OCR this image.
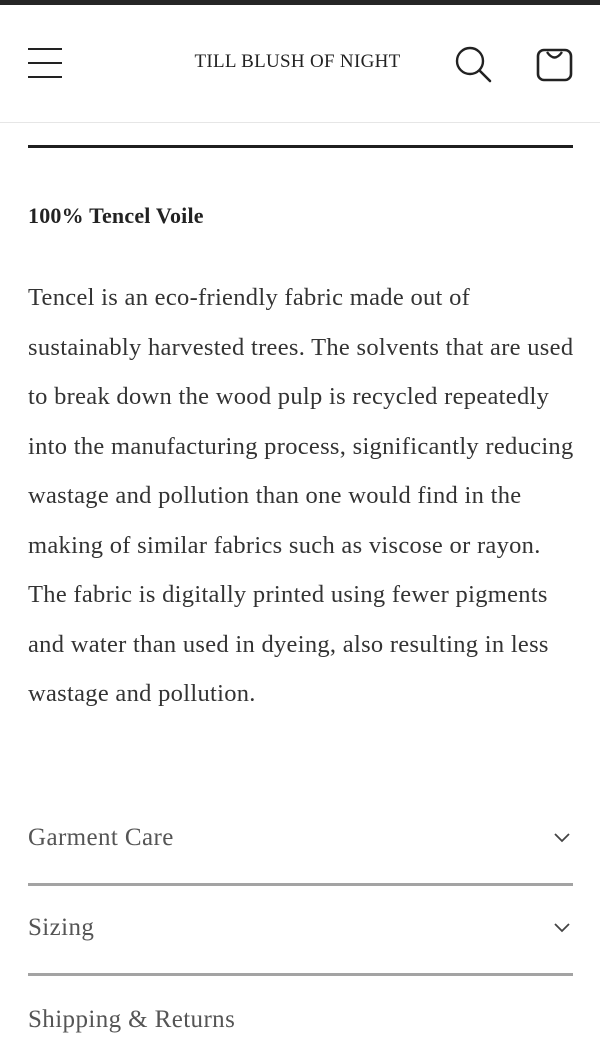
TILL BLUSH OF NIGHT
100% Tencel Voile

Tencel is an eco-friendly fabric made out of sustainably harvested trees. The solvents that are used to break down the wood pulp is recycled repeatedly into the manufacturing process, significantly reducing wastage and pollution than one would find in the making of similar fabrics such as viscose or rayon. The fabric is digitally printed using fewer pigments and water than used in dyeing, also resulting in less wastage and pollution.

Garment Care
Sizing
Shipping & Returns
